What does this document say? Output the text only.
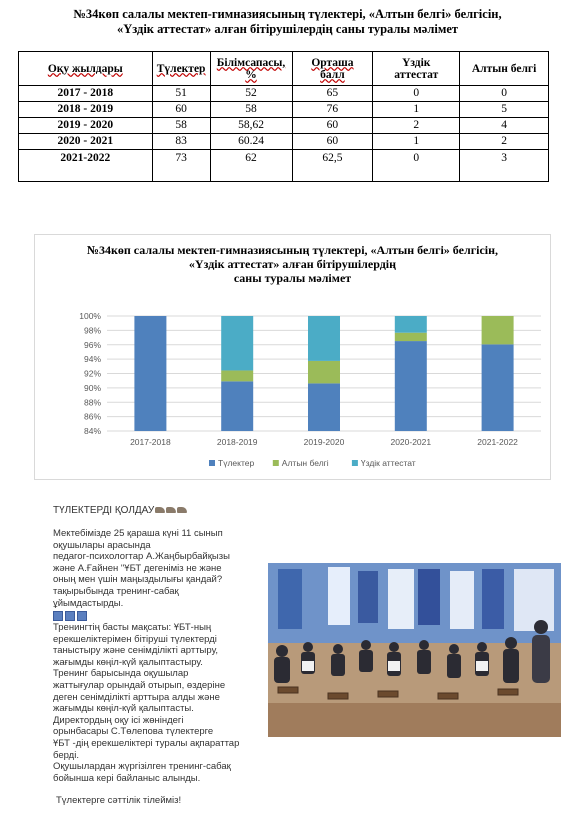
№34көп салалы мектеп-гимназиясының түлектері, «Алтын белгі» белгісін,
«Үздік аттестат» алған бітірушілердің саны туралы мәлімет
Оқу жылдары	Түлектер	Білімсапасы, %	Орташа балл	Үздік аттестат	Алтын белгі
2017 - 2018	51	52	65	0	0
2018 - 2019	60	58	76	1	5
2019 - 2020	58	58,62	60	2	4
2020 - 2021	83	60.24	60	1	2
2021-2022	73	62	62,5	0	3
№34көп салалы мектеп-гимназиясының түлектері, «Алтын белгі» белгісін,
«Үздік аттестат» алған бітірушілердің
саны туралы мәлімет
84%
86%
88%
90%
92%
94%
96%
98%
100%
2017-2018	2018-2019	2019-2020	2020-2021	2021-2022
Түлектер	Алтын белгі	Үздік аттестат
ТҮЛЕКТЕРДІ ҚОЛДАУ
Мектебімізде 25 қараша күні 11 сынып
оқушылары арасында
педагог-психологтар А.Жаңбырбайқызы
және А.Ғайнен "ҰБТ дегеніміз не және
оның мен үшін маңыздылығы қандай?
тақырыбында тренинг-сабақ
ұйымдастырды.
Тренингтің басты мақсаты: ҰБТ-ның
ерекшеліктерімен бітіруші түлектерді
таныстыру және сенімділікті арттыру,
жағымды көңіл-күй қалыптастыру.
Тренинг барысында оқушылар
жаттығулар орындай отырып, өздеріне
деген сенімділікті арттыра алды және
жағымды көңіл-күй қалыптасты.
Директордың оқу ісі жөніндегі
орынбасары С.Төлепова түлектерге
ҰБТ -дің ерекшеліктері туралы ақпараттар
берді.
Оқушылардан жүргізілген тренинг-сабақ
бойынша кері байланыс алынды.
Түлектерге сәттілік тілейміз!
